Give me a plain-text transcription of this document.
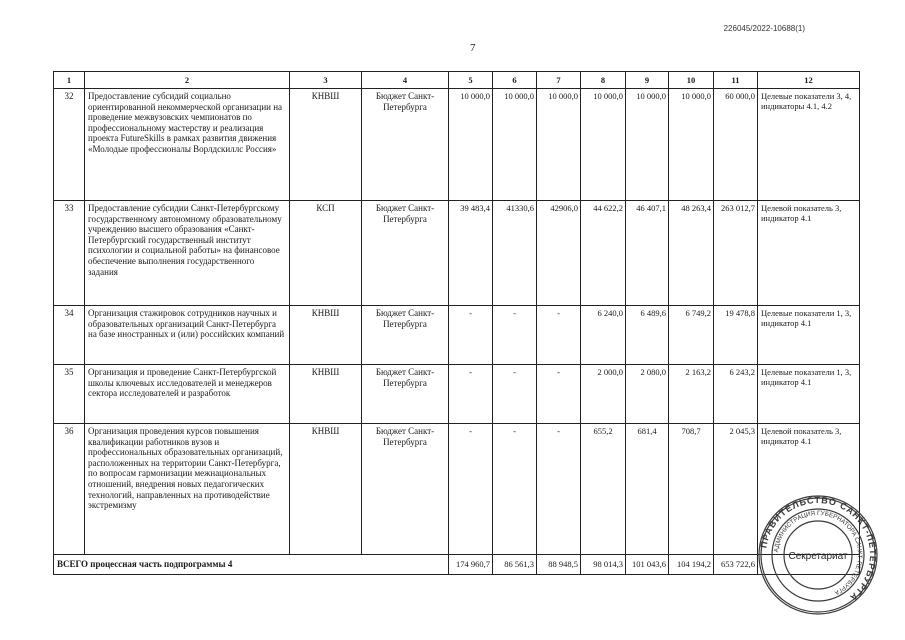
226045/2022-10688(1)
7
1	2	3	4	5	6	7	8	9	10	11	12
32	Предоставление субсидий социально ориентированной некоммерческой организации на проведение межвузовских чемпионатов по профессиональному мастерству и реализация проекта FutureSkills в рамках развития движения «Молодые профессионалы Ворлдскиллс Россия»	КНВШ	Бюджет Санкт-Петербурга	10 000,0	10 000,0	10 000,0	10 000,0	10 000,0	10 000,0	60 000,0	Целевые показатели 3, 4, индикаторы 4.1, 4.2
33	Предоставление субсидии Санкт-Петербургскому государственному автономному образовательному учреждению высшего образования «Санкт-Петербургский государственный институт психологии и социальной работы» на финансовое обеспечение выполнения государственного задания	КСП	Бюджет Санкт-Петербурга	39 483,4	41330,6	42906,0	44 622,2	46 407,1	48 263,4	263 012,7	Целевой показатель 3, индикатор 4.1
34	Организация стажировок сотрудников научных и образовательных организаций Санкт-Петербурга на базе иностранных и (или) российских компаний	КНВШ	Бюджет Санкт-Петербурга	-	-	-	6 240,0	6 489,6	6 749,2	19 478,8	Целевые показатели 1, 3, индикатор 4.1
35	Организация и проведение Санкт-Петербургской школы ключевых исследователей и менеджеров сектора исследователей и разработок	КНВШ	Бюджет Санкт-Петербурга	-	-	-	2 000,0	2 080,0	2 163,2	6 243,2	Целевые показатели 1, 3, индикатор 4.1
36	Организация проведения курсов повышения квалификации работников вузов и профессиональных образовательных организаций, расположенных на территории Санкт-Петербурга, по вопросам гармонизации межнациональных отношений, внедрения новых педагогических технологий, направленных на противодействие экстремизму	КНВШ	Бюджет Санкт-Петербурга	-	-	-	655,2	681,4	708,7	2 045,3	Целевой показатель 3, индикатор 4.1
ВСЕГО процессная часть подпрограммы 4				174 960,7	86 561,3	88 948,5	98 014,3	101 043,6	104 194,2	653 722,6	
ПРАВИТЕЛЬСТВО САНКТ-ПЕТЕРБУРГА
АДМИНИСТРАЦИЯ ГУБЕРНАТОРА САНКТ-ПЕТЕРБУРГА
Секретариат
